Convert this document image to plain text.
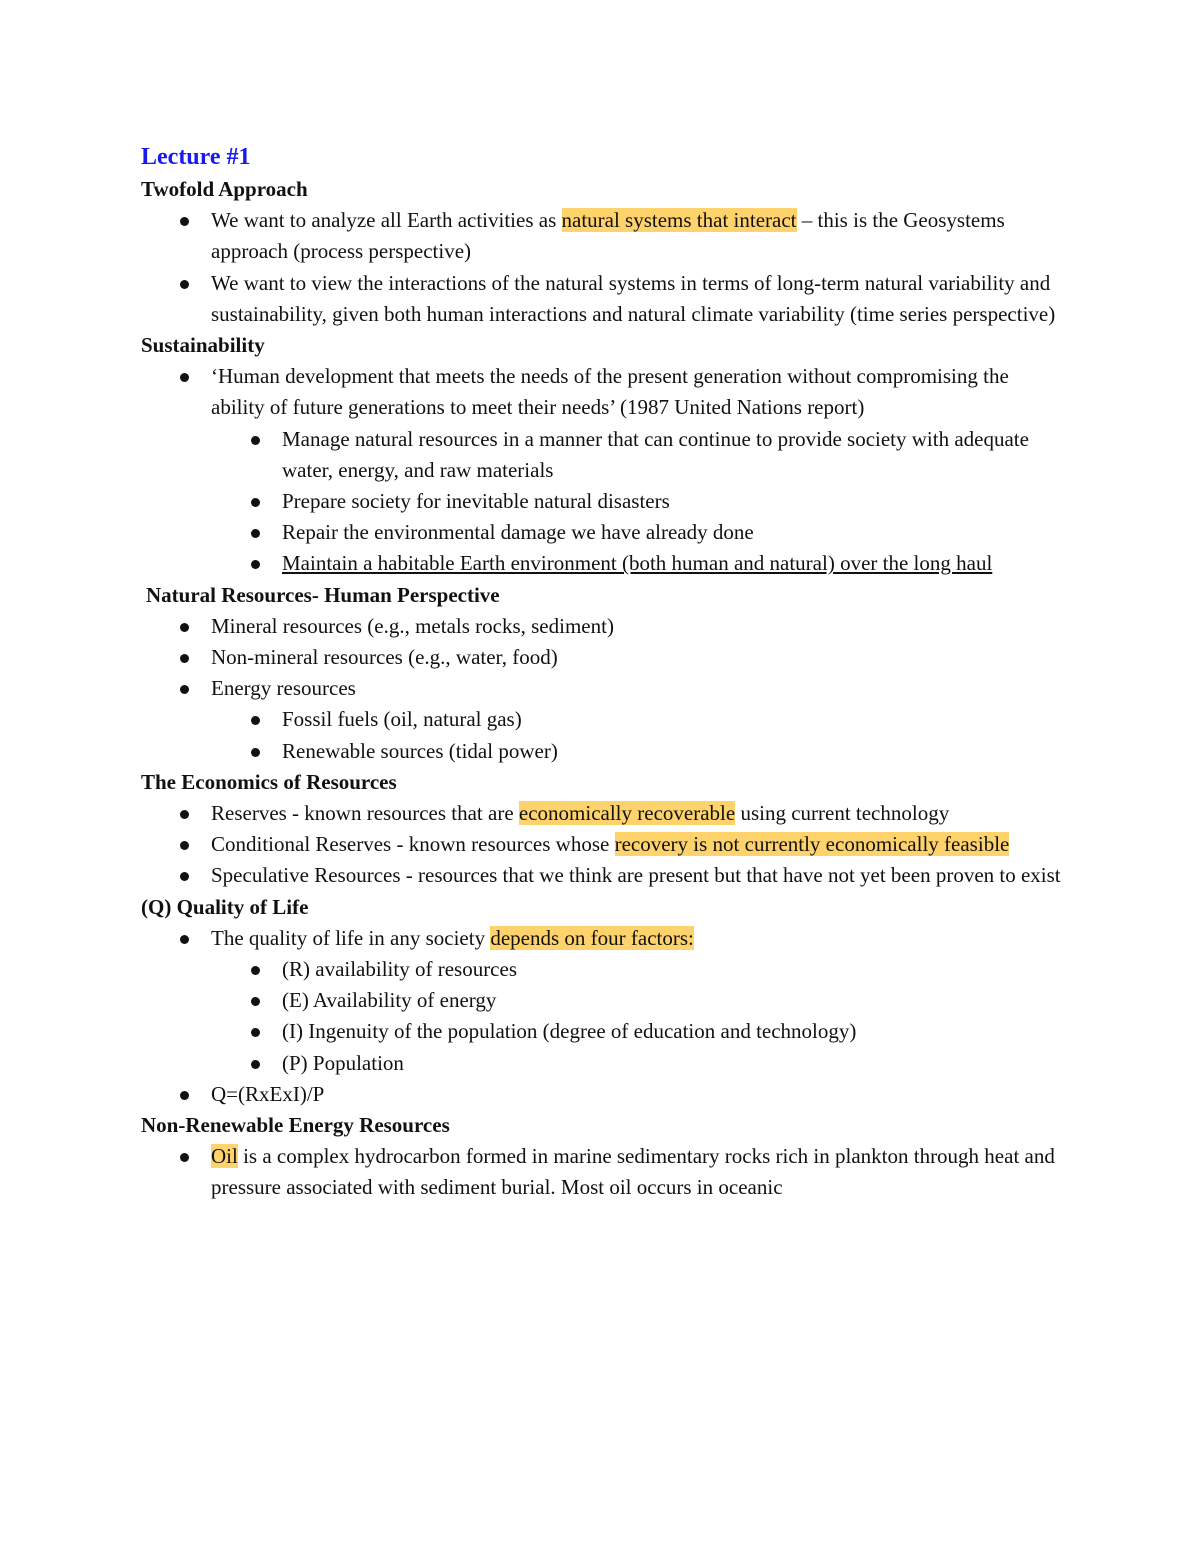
Lecture #1
Twofold Approach
We want to analyze all Earth activities as natural systems that interact – this is the Geosystems approach (process perspective)
We want to view the interactions of the natural systems in terms of long-term natural variability and sustainability, given both human interactions and natural climate variability (time series perspective)
Sustainability
‘Human development that meets the needs of the present generation without compromising the ability of future generations to meet their needs’ (1987 United Nations report)
Manage natural resources in a manner that can continue to provide society with adequate water, energy, and raw materials
Prepare society for inevitable natural disasters
Repair the environmental damage we have already done
Maintain a habitable Earth environment (both human and natural) over the long haul
Natural Resources- Human Perspective
Mineral resources (e.g., metals rocks, sediment)
Non-mineral resources (e.g., water, food)
Energy resources
Fossil fuels (oil, natural gas)
Renewable sources (tidal power)
The Economics of Resources
Reserves - known resources that are economically recoverable using current technology
Conditional Reserves - known resources whose recovery is not currently economically feasible
Speculative Resources - resources that we think are present but that have not yet been proven to exist
(Q) Quality of Life
The quality of life in any society depends on four factors:
(R) availability of resources
(E) Availability of energy
(I) Ingenuity of the population (degree of education and technology)
(P) Population
Q=(RxExI)/P
Non-Renewable Energy Resources
Oil is a complex hydrocarbon formed in marine sedimentary rocks rich in plankton through heat and pressure associated with sediment burial. Most oil occurs in oceanic
